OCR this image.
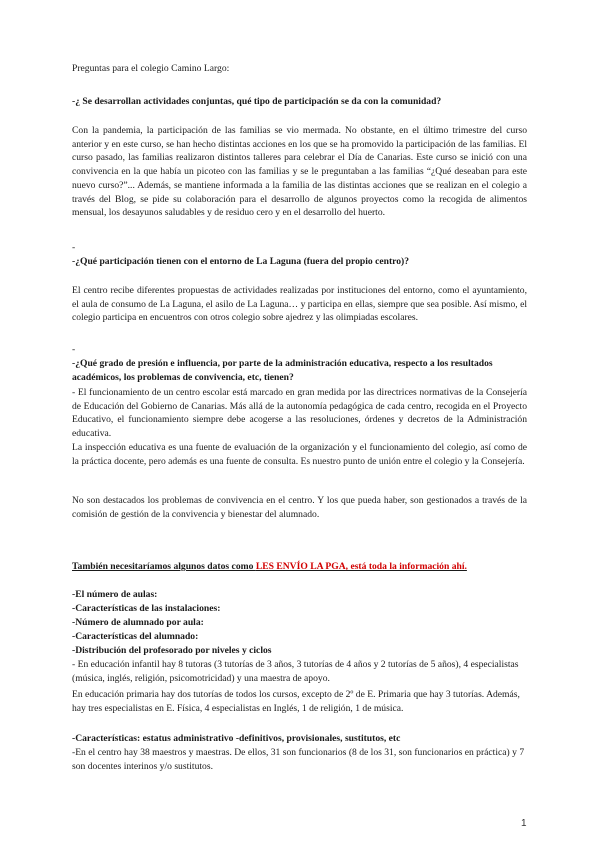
Preguntas para el colegio Camino Largo:

-¿ Se desarrollan actividades conjuntas, qué tipo de participación se da con la comunidad?

Con la pandemia, la participación de las familias se vio mermada. No obstante, en el último trimestre del curso anterior y en este curso, se han hecho distintas acciones en los que se ha promovido la participación de las familias. El curso pasado, las familias realizaron distintos talleres para celebrar el Día de Canarias. Este curso se inició con una convivencia en la que había un picoteo con las familias y se le preguntaban a las familias “¿Qué deseaban para este nuevo curso?”... Además, se mantiene informada a la familia de las distintas acciones que se realizan en el colegio a través del Blog, se pide su colaboración para el desarrollo de algunos proyectos como la recogida de alimentos mensual, los desayunos saludables y de residuo cero y en el desarrollo del huerto.

-

-¿Qué participación tienen con el entorno de La Laguna (fuera del propio centro)?

El centro recibe diferentes propuestas de actividades realizadas por instituciones del entorno, como el ayuntamiento, el aula de consumo de La Laguna, el asilo de La Laguna… y participa en ellas, siempre que sea posible. Así mismo, el colegio participa en encuentros con otros colegio sobre ajedrez y las olimpiadas escolares.

-

-¿Qué grado de presión e influencia, por parte de la administración educativa, respecto a los resultados académicos, los problemas de convivencia, etc, tienen?

- El funcionamiento de un centro escolar está marcado en gran medida por las directrices normativas de la Consejería de Educación del Gobierno de Canarias. Más allá de la autonomía pedagógica de cada centro, recogida en el Proyecto Educativo, el funcionamiento siempre debe acogerse a las resoluciones, órdenes y decretos de la Administración educativa.

La inspección educativa es una fuente de evaluación de la organización y el funcionamiento del colegio, así como de la práctica docente, pero además es una fuente de consulta. Es nuestro punto de unión entre el colegio y la Consejería.

No son destacados los problemas de convivencia en el centro. Y los que pueda haber, son gestionados a través de la comisión de gestión de la convivencia y bienestar del alumnado.

También necesitaríamos algunos datos como LES ENVÍO LA PGA, está toda la información ahí.

-El número de aulas:

-Características de las instalaciones:

-Número de alumnado por aula:

-Características del alumnado:

-Distribución del profesorado por niveles y ciclos

- En educación infantil hay 8 tutoras (3 tutorías de 3 años, 3 tutorías de 4 años y 2 tutorías de 5 años), 4 especialistas (música, inglés, religión, psicomotricidad) y una maestra de apoyo.

En educación primaria hay dos tutorías de todos los cursos, excepto de 2º de E. Primaria que hay 3 tutorías. Además, hay tres especialistas en E. Física, 4 especialistas en Inglés, 1 de religión, 1 de música.

-Características: estatus administrativo -definitivos, provisionales, sustitutos, etc

-En el centro hay 38 maestros y maestras. De ellos, 31 son funcionarios (8 de los 31, son funcionarios en práctica) y 7 son docentes interinos y/o sustitutos.

1
